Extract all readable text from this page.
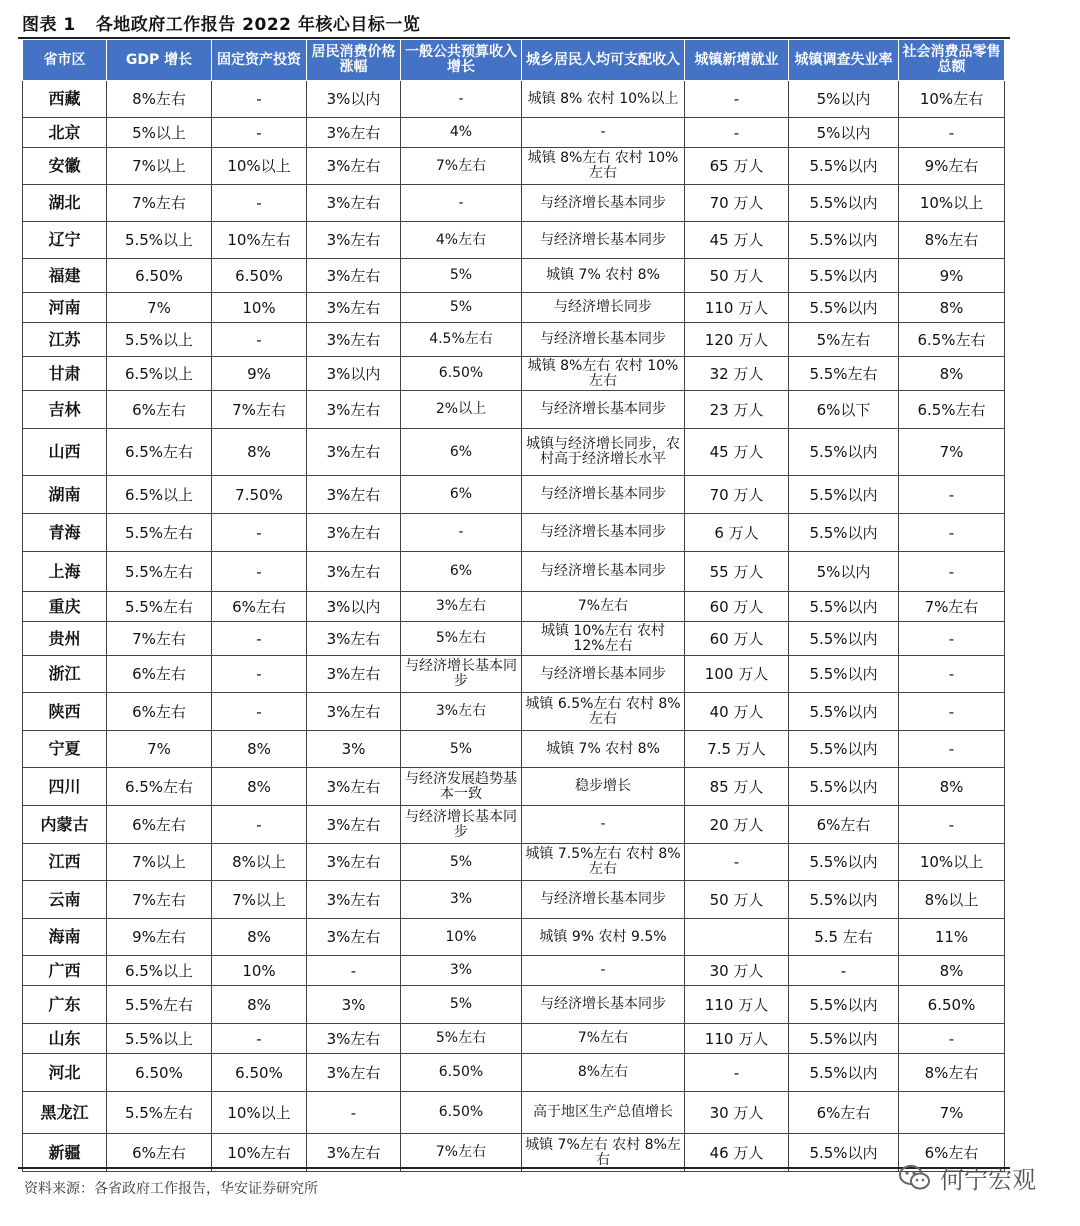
图表 1 各地政府工作报告 2022 年核心目标一览
省市区	GDP 增长	固定资产投资	居民消费价格涨幅	一般公共预算收入增长	城乡居民人均可支配收入	城镇新增就业	城镇调查失业率	社会消费品零售总额
西藏	8%左右	-	3%以内	-	城镇 8% 农村 10%以上	-	5%以内	10%左右
北京	5%以上	-	3%左右	4%	-	-	5%以内	-
安徽	7%以上	10%以上	3%左右	7%左右	城镇 8%左右 农村 10%左右	65 万人	5.5%以内	9%左右
湖北	7%左右	-	3%左右	-	与经济增长基本同步	70 万人	5.5%以内	10%以上
辽宁	5.5%以上	10%左右	3%左右	4%左右	与经济增长基本同步	45 万人	5.5%以内	8%左右
福建	6.50%	6.50%	3%左右	5%	城镇 7% 农村 8%	50 万人	5.5%以内	9%
河南	7%	10%	3%左右	5%	与经济增长同步	110 万人	5.5%以内	8%
江苏	5.5%以上	-	3%左右	4.5%左右	与经济增长基本同步	120 万人	5%左右	6.5%左右
甘肃	6.5%以上	9%	3%以内	6.50%	城镇 8%左右 农村 10%左右	32 万人	5.5%左右	8%
吉林	6%左右	7%左右	3%左右	2%以上	与经济增长基本同步	23 万人	6%以下	6.5%左右
山西	6.5%左右	8%	3%左右	6%	城镇与经济增长同步，农村高于经济增长水平	45 万人	5.5%以内	7%
湖南	6.5%以上	7.50%	3%左右	6%	与经济增长基本同步	70 万人	5.5%以内	-
青海	5.5%左右	-	3%左右	-	与经济增长基本同步	6 万人	5.5%以内	-
上海	5.5%左右	-	3%左右	6%	与经济增长基本同步	55 万人	5%以内	-
重庆	5.5%左右	6%左右	3%以内	3%左右	7%左右	60 万人	5.5%以内	7%左右
贵州	7%左右	-	3%左右	5%左右	城镇 10%左右 农村 12%左右	60 万人	5.5%以内	-
浙江	6%左右	-	3%左右	与经济增长基本同步	与经济增长基本同步	100 万人	5.5%以内	-
陕西	6%左右	-	3%左右	3%左右	城镇 6.5%左右 农村 8%左右	40 万人	5.5%以内	-
宁夏	7%	8%	3%	5%	城镇 7% 农村 8%	7.5 万人	5.5%以内	-
四川	6.5%左右	8%	3%左右	与经济发展趋势基本一致	稳步增长	85 万人	5.5%以内	8%
内蒙古	6%左右	-	3%左右	与经济增长基本同步	-	20 万人	6%左右	-
江西	7%以上	8%以上	3%左右	5%	城镇 7.5%左右 农村 8%左右	-	5.5%以内	10%以上
云南	7%左右	7%以上	3%左右	3%	与经济增长基本同步	50 万人	5.5%以内	8%以上
海南	9%左右	8%	3%左右	10%	城镇 9% 农村 9.5%		5.5 左右	11%
广西	6.5%以上	10%	-	3%	-	30 万人	-	8%
广东	5.5%左右	8%	3%	5%	与经济增长基本同步	110 万人	5.5%以内	6.50%
山东	5.5%以上	-	3%左右	5%左右	7%左右	110 万人	5.5%以内	-
河北	6.50%	6.50%	3%左右	6.50%	8%左右	-	5.5%以内	8%左右
黑龙江	5.5%左右	10%以上	-	6.50%	高于地区生产总值增长	30 万人	6%左右	7%
新疆	6%左右	10%左右	3%左右	7%左右	城镇 7%左右 农村 8%左右	46 万人	5.5%以内	6%左右
资料来源：各省政府工作报告，华安证券研究所	何宁宏观
